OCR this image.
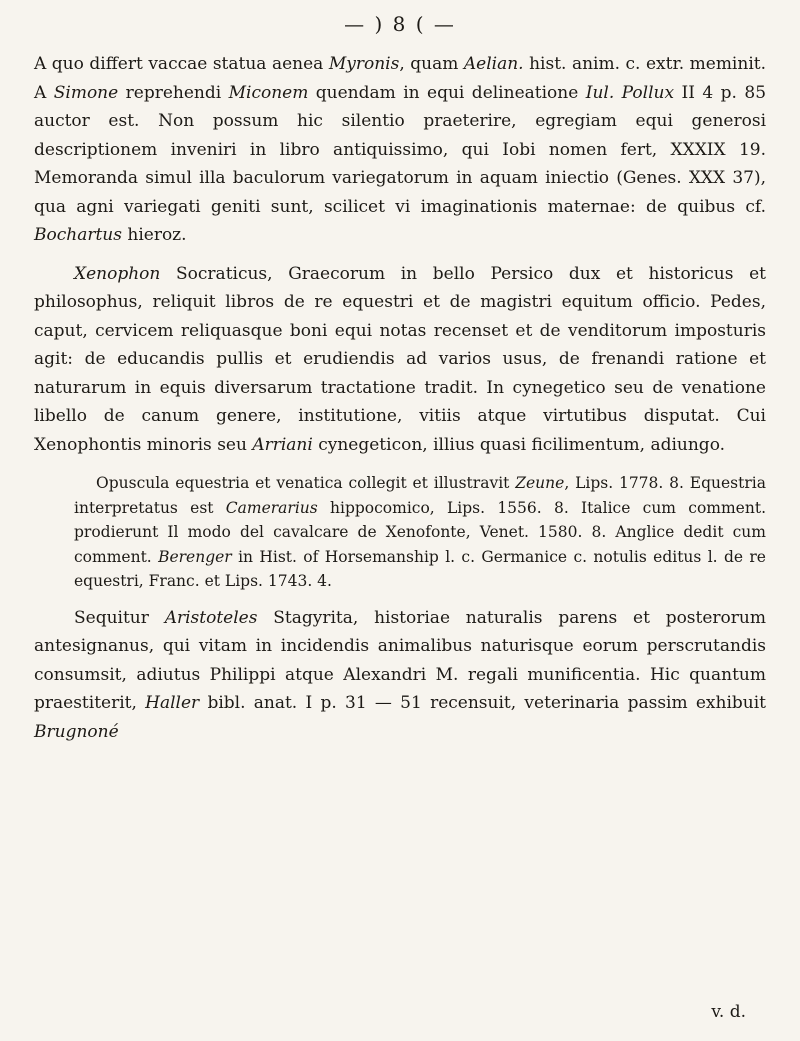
— ) 8 ( —

A quo differt vaccae statua aenea Myronis, quam Aelian. hist. anim. c. extr. meminit. A Simone reprehendi Miconem quendam in equi delineatione Iul. Pollux II 4 p. 85 auctor est. Non possum hic silentio praeterire, egregiam equi generosi descriptionem inveniri in libro antiquissimo, qui Iobi nomen fert, XXXIX 19. Memoranda simul illa baculorum variegatorum in aquam iniectio (Genes. XXX 37), qua agni variegati geniti sunt, scilicet vi imaginationis maternae: de quibus cf. Bochartus hieroz.

Xenophon Socraticus, Graecorum in bello Persico dux et historicus et philosophus, reliquit libros de re equestri et de magistri equitum officio. Pedes, caput, cervicem reliquasque boni equi notas recenset et de venditorum imposturis agit: de educandis pullis et erudiendis ad varios usus, de frenandi ratione et naturarum in equis diversarum tractatione tradit. In cynegetico seu de venatione libello de canum genere, institutione, vitiis atque virtutibus disputat. Cui Xenophontis minoris seu Arriani cynegeticon, illius quasi ficilimentum, adiungo.

Opuscula equestria et venatica collegit et illustravit Zeune, Lips. 1778. 8. Equestria interpretatus est Camerarius hippocomico, Lips. 1556. 8. Italice cum comment. prodierunt Il modo del cavalcare de Xenofonte, Venet. 1580. 8. Anglice dedit cum comment. Berenger in Hist. of Horsemanship l. c. Germanice c. notulis editus l. de re equestri, Franc. et Lips. 1743. 4.

Sequitur Aristoteles Stagyrita, historiae naturalis parens et posterorum antesignanus, qui vitam in incidendis animalibus naturisque eorum perscrutandis consumsit, adiutus Philippi atque Alexandri M. regali munificentia. Hic quantum praestiterit, Haller bibl. anat. I p. 31 — 51 recensuit, veterinaria passim exhibuit Brugnoné

v. d.
